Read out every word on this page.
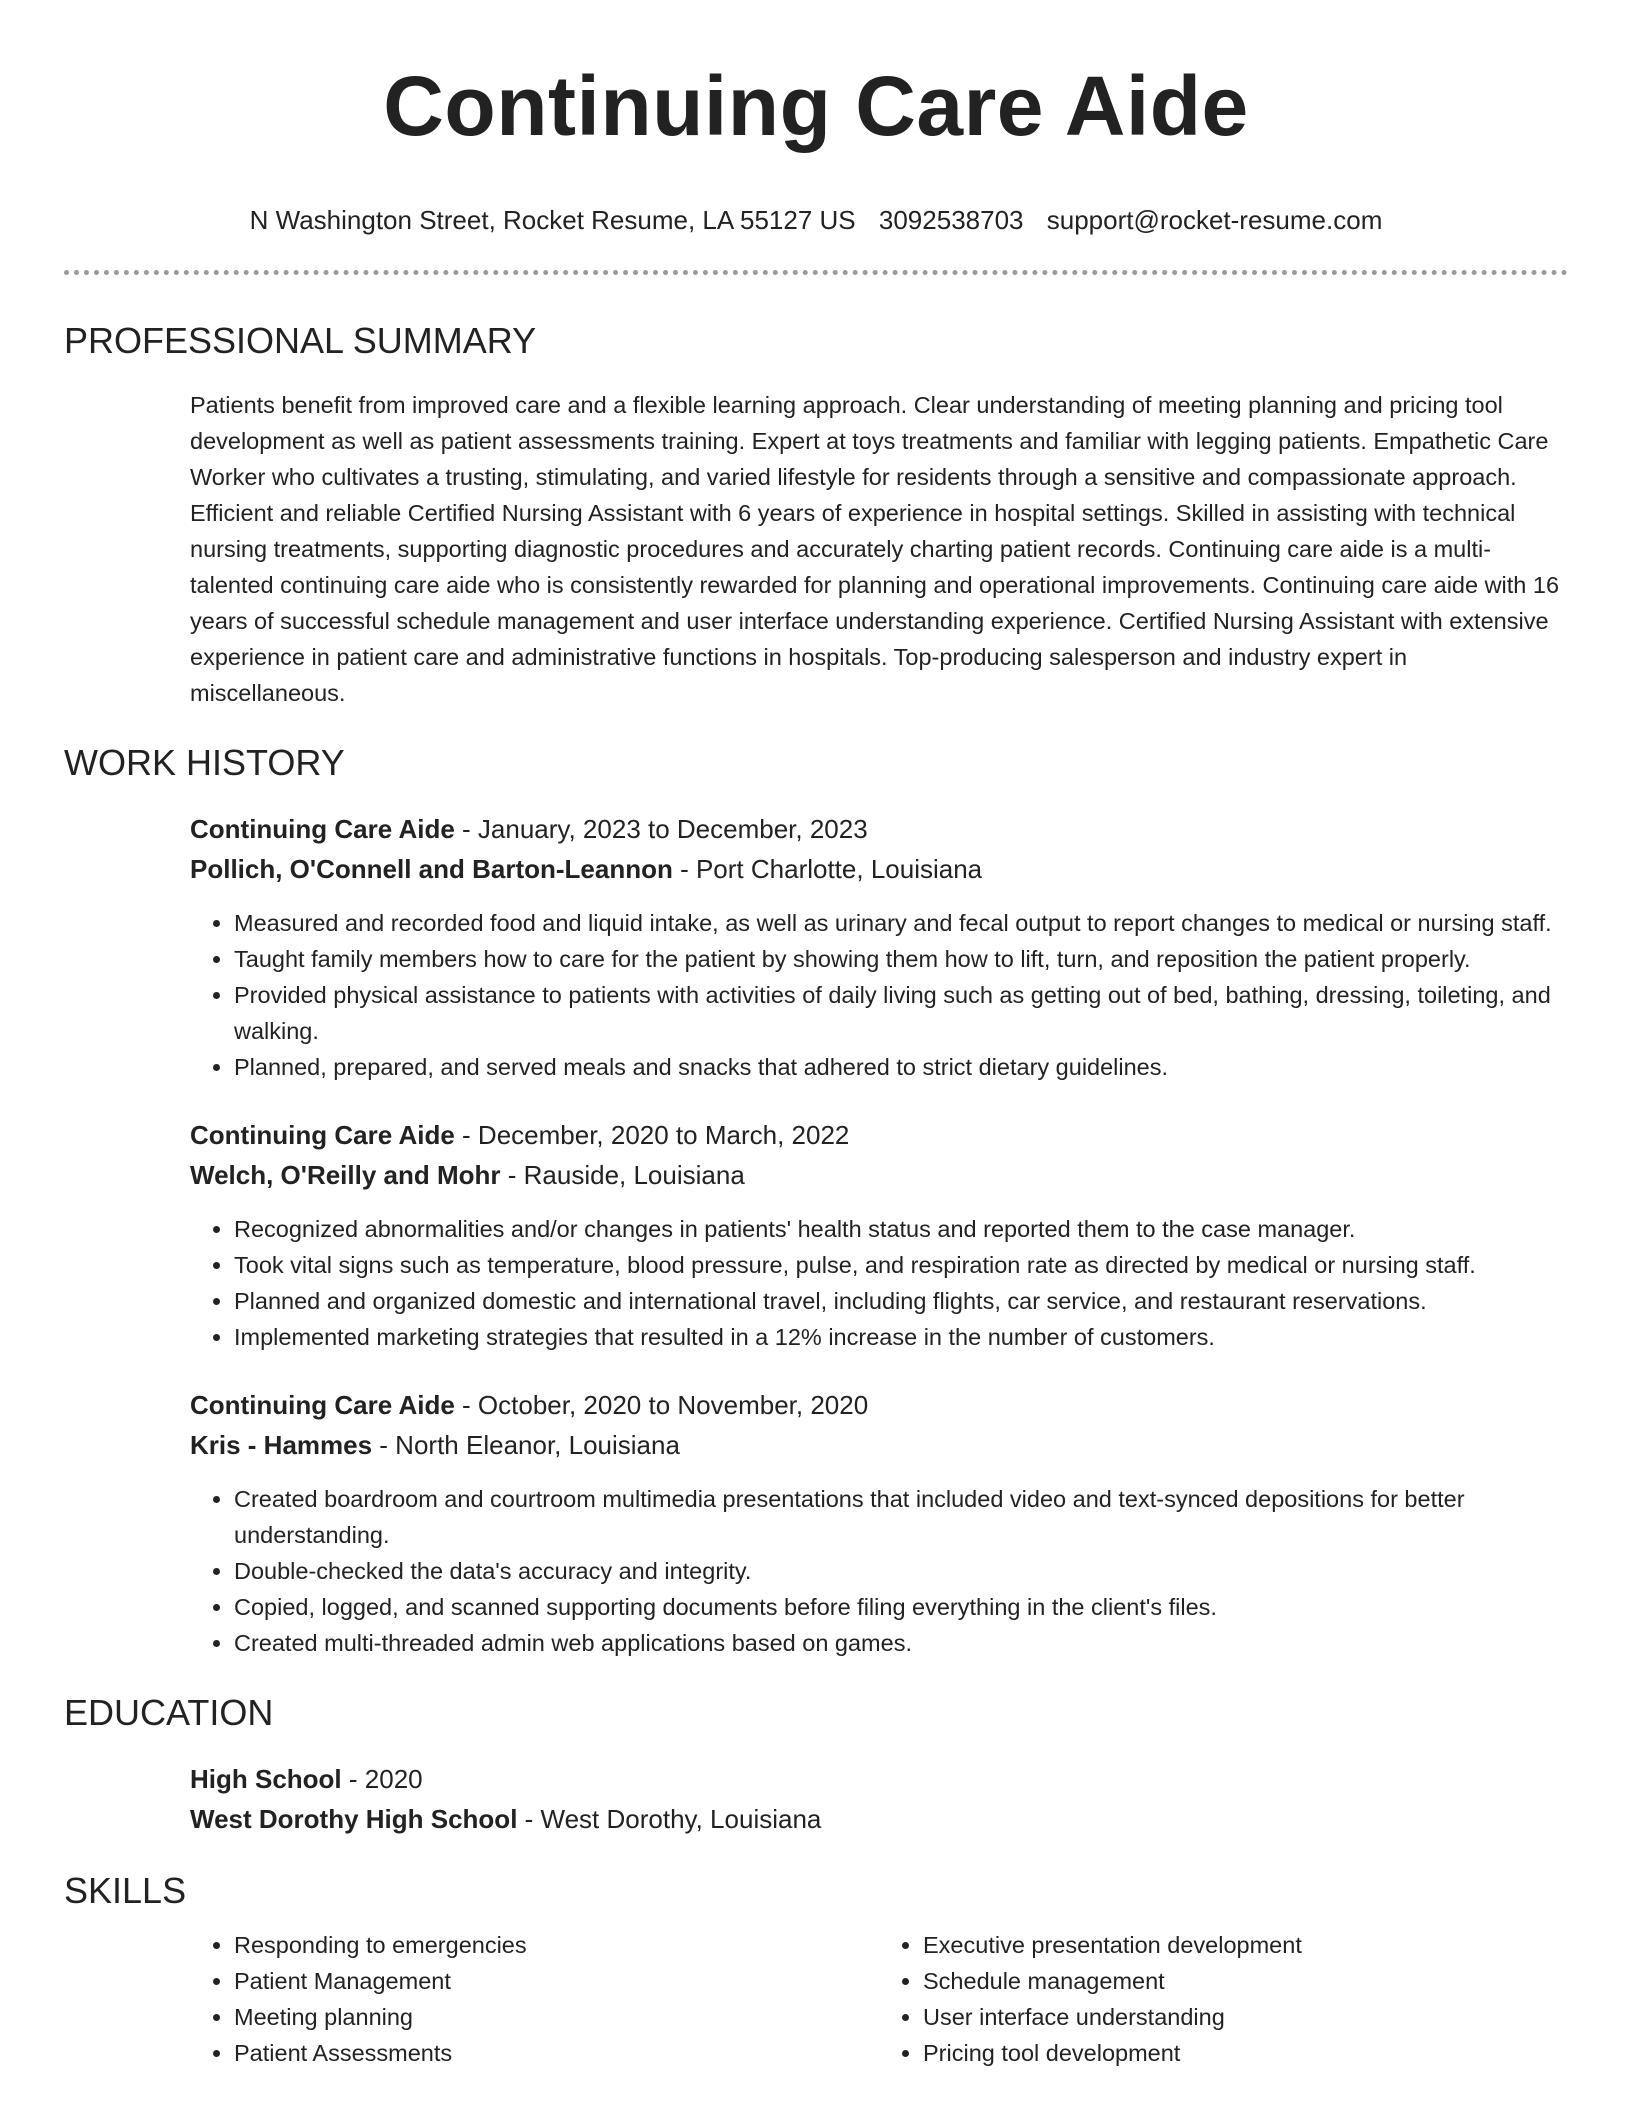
Continuing Care Aide
N Washington Street, Rocket Resume, LA 55127 US 3092538703 support@rocket-resume.com
PROFESSIONAL SUMMARY

Patients benefit from improved care and a flexible learning approach. Clear understanding of meeting planning and pricing tool development as well as patient assessments training. Expert at toys treatments and familiar with legging patients. Empathetic Care Worker who cultivates a trusting, stimulating, and varied lifestyle for residents through a sensitive and compassionate approach. Efficient and reliable Certified Nursing Assistant with 6 years of experience in hospital settings. Skilled in assisting with technical nursing treatments, supporting diagnostic procedures and accurately charting patient records. Continuing care aide is a multi-talented continuing care aide who is consistently rewarded for planning and operational improvements. Continuing care aide with 16 years of successful schedule management and user interface understanding experience. Certified Nursing Assistant with extensive experience in patient care and administrative functions in hospitals. Top-producing salesperson and industry expert in miscellaneous.

WORK HISTORY
Continuing Care Aide - January, 2023 to December, 2023
Pollich, O'Connell and Barton-Leannon - Port Charlotte, Louisiana
• Measured and recorded food and liquid intake, as well as urinary and fecal output to report changes to medical or nursing staff.
• Taught family members how to care for the patient by showing them how to lift, turn, and reposition the patient properly.
• Provided physical assistance to patients with activities of daily living such as getting out of bed, bathing, dressing, toileting, and walking.
• Planned, prepared, and served meals and snacks that adhered to strict dietary guidelines.
Continuing Care Aide - December, 2020 to March, 2022
Welch, O'Reilly and Mohr - Rauside, Louisiana
• Recognized abnormalities and/or changes in patients' health status and reported them to the case manager.
• Took vital signs such as temperature, blood pressure, pulse, and respiration rate as directed by medical or nursing staff.
• Planned and organized domestic and international travel, including flights, car service, and restaurant reservations.
• Implemented marketing strategies that resulted in a 12% increase in the number of customers.
Continuing Care Aide - October, 2020 to November, 2020
Kris - Hammes - North Eleanor, Louisiana
• Created boardroom and courtroom multimedia presentations that included video and text-synced depositions for better understanding.
• Double-checked the data's accuracy and integrity.
• Copied, logged, and scanned supporting documents before filing everything in the client's files.
• Created multi-threaded admin web applications based on games.
EDUCATION
High School - 2020
West Dorothy High School - West Dorothy, Louisiana
SKILLS
• Responding to emergencies
• Patient Management
• Meeting planning
• Patient Assessments
• Executive presentation development
• Schedule management
• User interface understanding
• Pricing tool development
